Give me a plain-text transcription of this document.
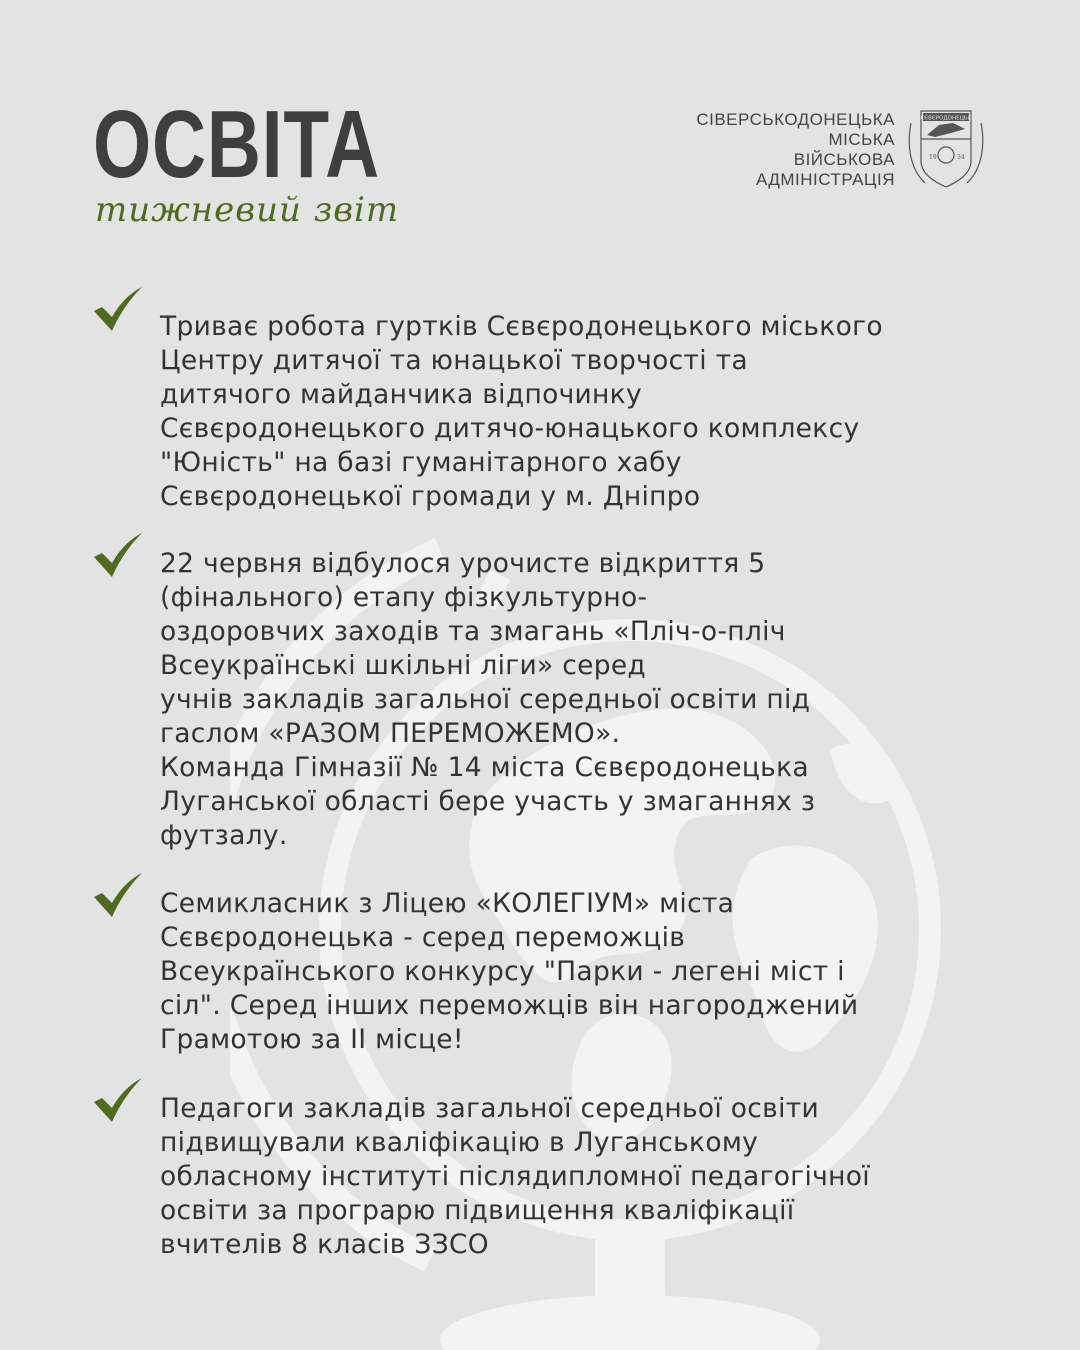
ОСВІТА
тижневий звіт
СІВЕРСЬКОДОНЕЦЬКА
МІСЬКА
ВІЙСЬКОВА
АДМІНІСТРАЦІЯ
СЄВЄРОДОНЕЦЬК
19	34

Триває робота гуртків Сєвєродонецького міського
Центру дитячої та юнацької творчості та
дитячого майданчика відпочинку
Сєвєродонецького дитячо-юнацького комплексу
"Юність" на базі гуманітарного хабу
Сєвєродонецької громади у м. Дніпро

22 червня відбулося урочисте відкриття 5
(фінального) етапу фізкультурно-
оздоровчих заходів та змагань «Пліч-о-пліч
Всеукраїнські шкільні ліги» серед
учнів закладів загальної середньої освіти під
гаслом «РАЗОМ ПЕРЕМОЖЕМО».
Команда Гімназії № 14 міста Сєвєродонецька
Луганської області бере участь у змаганнях з
футзалу.

Семикласник з Ліцею «КОЛЕГІУМ» міста
Сєвєродонецька - серед переможців
Всеукраїнського конкурсу "Парки - легені міст і
сіл". Серед інших переможців він нагороджений
Грамотою за ІІ місце!

Педагоги закладів загальної середньої освіти
підвищували кваліфікацію в Луганському
обласному інституті післядипломної педагогічної
освіти за програрю підвищення кваліфікації
вчителів 8 класів ЗЗСО
